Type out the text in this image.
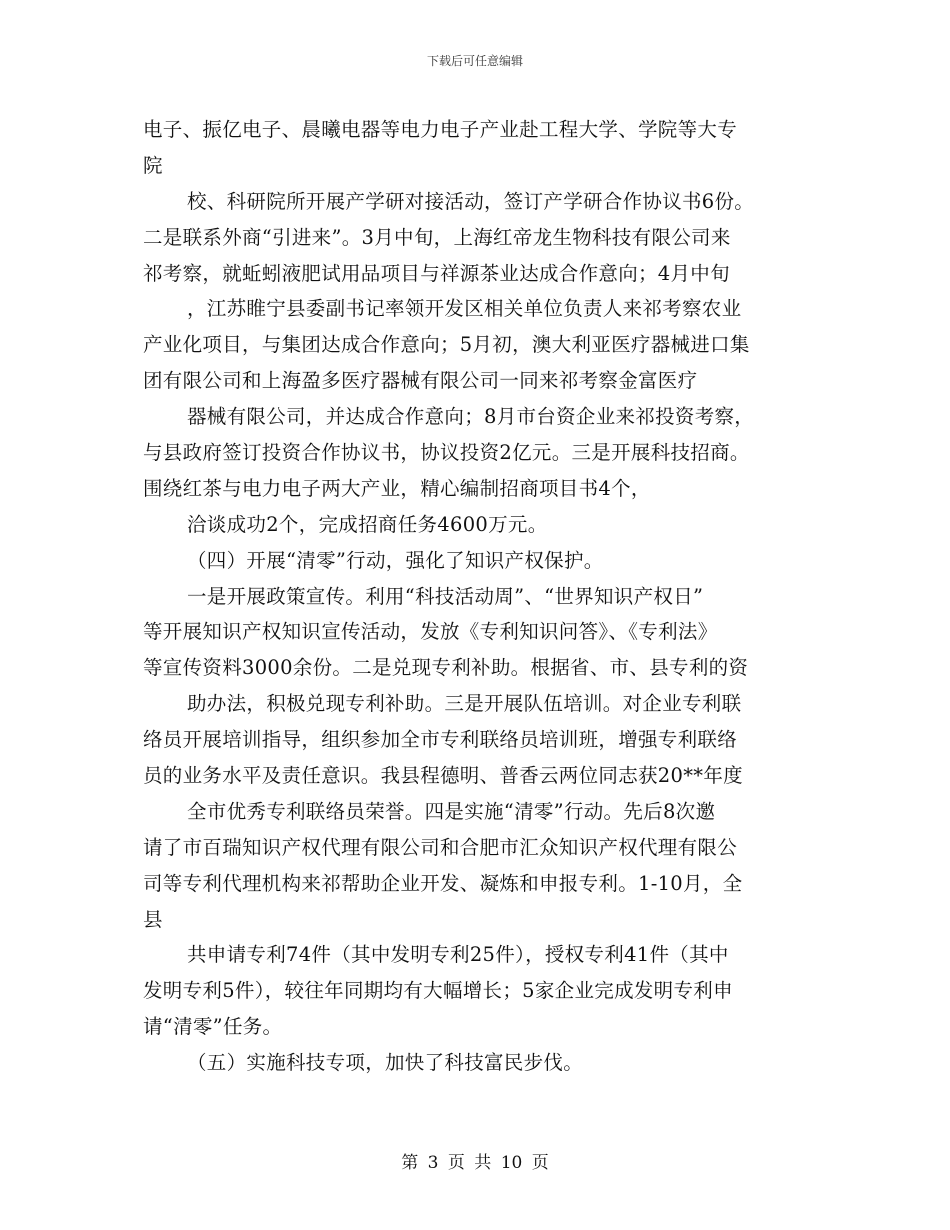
下载后可任意编辑
电子、振亿电子、晨曦电器等电力电子产业赴工程大学、学院等大专
院
校、科研院所开展产学研对接活动，签订产学研合作协议书6份。
二是联系外商“引进来”。3月中旬，上海红帝龙生物科技有限公司来
祁考察，就蚯蚓液肥试用品项目与祥源茶业达成合作意向；4月中旬
，江苏睢宁县委副书记率领开发区相关单位负责人来祁考察农业
产业化项目，与集团达成合作意向；5月初，澳大利亚医疗器械进口集
团有限公司和上海盈多医疗器械有限公司一同来祁考察金富医疗
器械有限公司，并达成合作意向；8月市台资企业来祁投资考察，
与县政府签订投资合作协议书，协议投资2亿元。三是开展科技招商。
围绕红茶与电力电子两大产业，精心编制招商项目书4个，
洽谈成功2个，完成招商任务4600万元。
（四）开展“清零”行动，强化了知识产权保护。
一是开展政策宣传。利用“科技活动周”、“世界知识产权日”
等开展知识产权知识宣传活动，发放《专利知识问答》、《专利法》
等宣传资料3000余份。二是兑现专利补助。根据省、市、县专利的资
助办法，积极兑现专利补助。三是开展队伍培训。对企业专利联
络员开展培训指导，组织参加全市专利联络员培训班，增强专利联络
员的业务水平及责任意识。我县程德明、普香云两位同志获20**年度
全市优秀专利联络员荣誉。四是实施“清零”行动。先后8次邀
请了市百瑞知识产权代理有限公司和合肥市汇众知识产权代理有限公
司等专利代理机构来祁帮助企业开发、凝炼和申报专利。1-10月，全
县
共申请专利74件（其中发明专利25件），授权专利41件（其中
发明专利5件），较往年同期均有大幅增长；5家企业完成发明专利申
请“清零”任务。
（五）实施科技专项，加快了科技富民步伐。
第 3 页 共 10 页
